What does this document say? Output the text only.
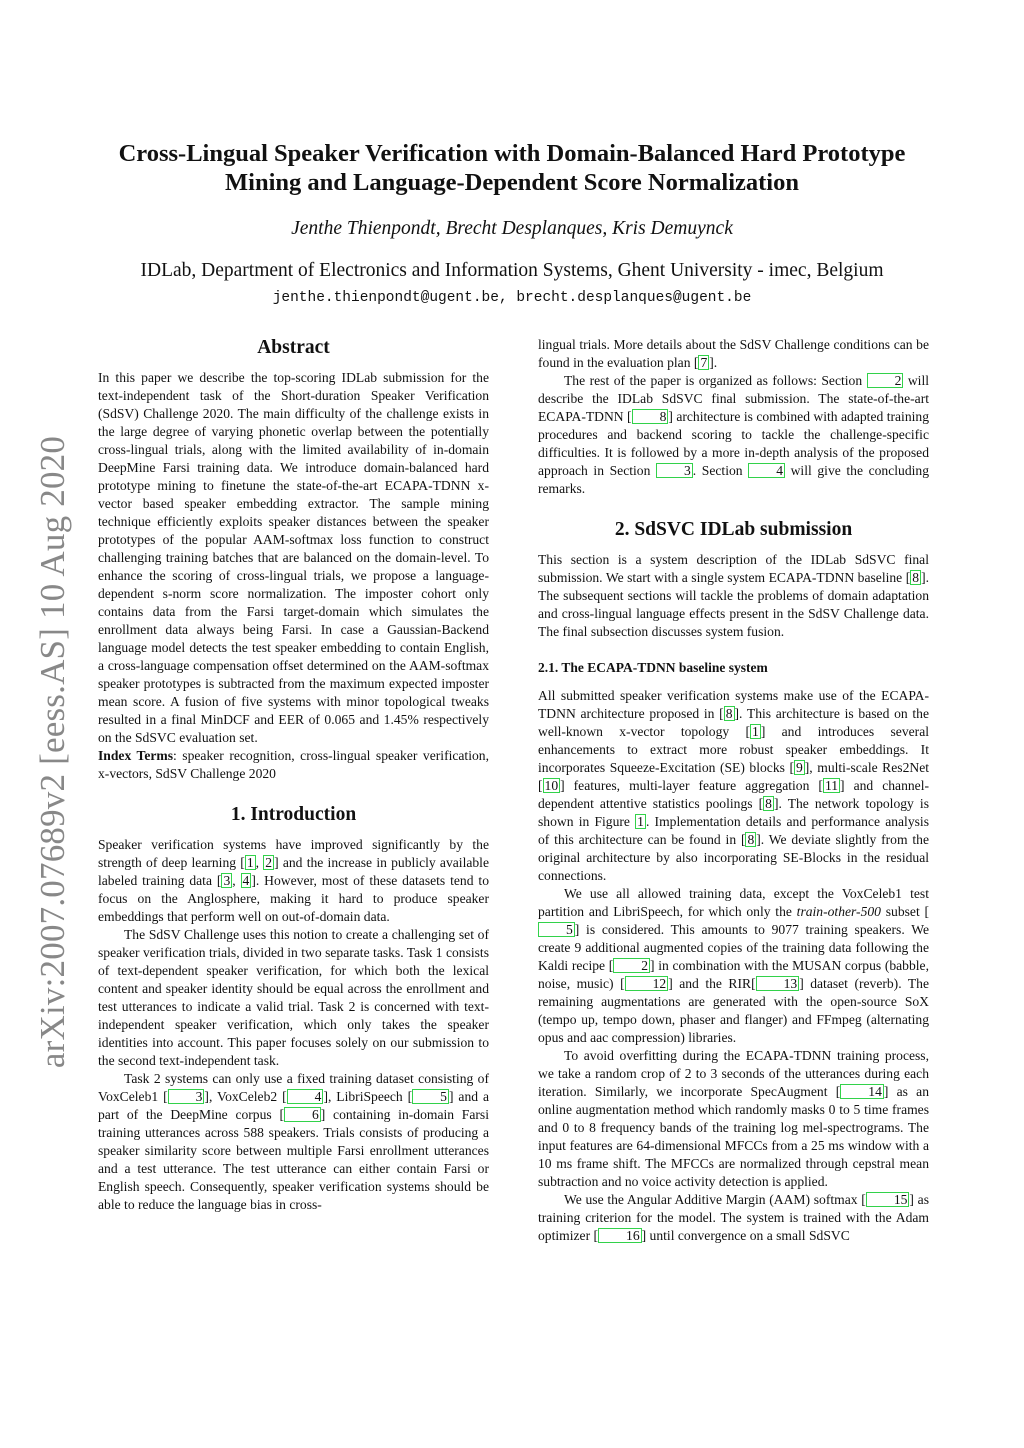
arXiv:2007.07689v2 [eess.AS] 10 Aug 2020
Cross-Lingual Speaker Verification with Domain-Balanced Hard Prototype
Mining and Language-Dependent Score Normalization
Jenthe Thienpondt, Brecht Desplanques, Kris Demuynck
IDLab, Department of Electronics and Information Systems, Ghent University - imec, Belgium
jenthe.thienpondt@ugent.be, brecht.desplanques@ugent.be
Abstract

In this paper we describe the top-scoring IDLab submission for the text-independent task of the Short-duration Speaker Verification (SdSV) Challenge 2020. The main difficulty of the challenge exists in the large degree of varying phonetic overlap between the potentially cross-lingual trials, along with the limited availability of in-domain DeepMine Farsi training data. We introduce domain-balanced hard prototype mining to finetune the state-of-the-art ECAPA-TDNN x-vector based speaker embedding extractor. The sample mining technique efficiently exploits speaker distances between the speaker prototypes of the popular AAM-softmax loss function to construct challenging training batches that are balanced on the domain-level. To enhance the scoring of cross-lingual trials, we propose a language-dependent s-norm score normalization. The imposter cohort only contains data from the Farsi target-domain which simulates the enrollment data always being Farsi. In case a Gaussian-Backend language model detects the test speaker embedding to contain English, a cross-language compensation offset determined on the AAM-softmax speaker prototypes is subtracted from the maximum expected imposter mean score. A fusion of five systems with minor topological tweaks resulted in a final MinDCF and EER of 0.065 and 1.45% respectively on the SdSVC evaluation set.

Index Terms: speaker recognition, cross-lingual speaker verification, x-vectors, SdSV Challenge 2020

1. Introduction

Speaker verification systems have improved significantly by the strength of deep learning [ 1 , 2 ] and the increase in publicly available labeled training data [ 3 , 4 ]. However, most of these datasets tend to focus on the Anglosphere, making it hard to produce speaker embeddings that perform well on out-of-domain data.

The SdSV Challenge uses this notion to create a challenging set of speaker verification trials, divided in two separate tasks. Task 1 consists of text-dependent speaker verification, for which both the lexical content and speaker identity should be equal across the enrollment and test utterances to indicate a valid trial. Task 2 is concerned with text-independent speaker verification, which only takes the speaker identities into account. This paper focuses solely on our submission to the second text-independent task.

Task 2 systems can only use a fixed training dataset consisting of VoxCeleb1 [ 3 ], VoxCeleb2 [ 4 ], LibriSpeech [ 5 ] and a part of the DeepMine corpus [ 6 ] containing in-domain Farsi training utterances across 588 speakers. Trials consists of producing a speaker similarity score between multiple Farsi enrollment utterances and a test utterance. The test utterance can either contain Farsi or English speech. Consequently, speaker verification systems should be able to reduce the language bias in cross-

lingual trials. More details about the SdSV Challenge conditions can be found in the evaluation plan [ 7 ].

The rest of the paper is organized as follows: Section 2 will describe the IDLab SdSVC final submission. The state-of-the-art ECAPA-TDNN [ 8 ] architecture is combined with adapted training procedures and backend scoring to tackle the challenge-specific difficulties. It is followed by a more in-depth analysis of the proposed approach in Section 3 . Section 4 will give the concluding remarks.

2. SdSVC IDLab submission

This section is a system description of the IDLab SdSVC final submission. We start with a single system ECAPA-TDNN baseline [ 8 ]. The subsequent sections will tackle the problems of domain adaptation and cross-lingual language effects present in the SdSV Challenge data. The final subsection discusses system fusion.

2.1. The ECAPA-TDNN baseline system

All submitted speaker verification systems make use of the ECAPA-TDNN architecture proposed in [ 8 ]. This architecture is based on the well-known x-vector topology [ 1 ] and introduces several enhancements to extract more robust speaker embeddings. It incorporates Squeeze-Excitation (SE) blocks [ 9 ], multi-scale Res2Net [ 10 ] features, multi-layer feature aggregation [ 11 ] and channel-dependent attentive statistics poolings [ 8 ]. The network topology is shown in Figure 1 . Implementation details and performance analysis of this architecture can be found in [ 8 ]. We deviate slightly from the original architecture by also incorporating SE-Blocks in the residual connections.

We use all allowed training data, except the VoxCeleb1 test partition and LibriSpeech, for which only the train-other-500 subset [5 ] is considered. This amounts to 9077 training speakers. We create 9 additional augmented copies of the training data following the Kaldi recipe [ 2 ] in combination with the MUSAN corpus (babble, noise, music) [ 12 ] and the RIR[ 13 ] dataset (reverb). The remaining augmentations are generated with the open-source SoX (tempo up, tempo down, phaser and flanger) and FFmpeg (alternating opus and aac compression) libraries.

To avoid overfitting during the ECAPA-TDNN training process, we take a random crop of 2 to 3 seconds of the utterances during each iteration. Similarly, we incorporate SpecAugment [ 14 ] as an online augmentation method which randomly masks 0 to 5 time frames and 0 to 8 frequency bands of the training log mel-spectrograms. The input features are 64-dimensional MFCCs from a 25 ms window with a 10 ms frame shift. The MFCCs are normalized through cepstral mean subtraction and no voice activity detection is applied.

We use the Angular Additive Margin (AAM) softmax [ 15 ] as training criterion for the model. The system is trained with the Adam optimizer [ 16 ] until convergence on a small SdSVC
